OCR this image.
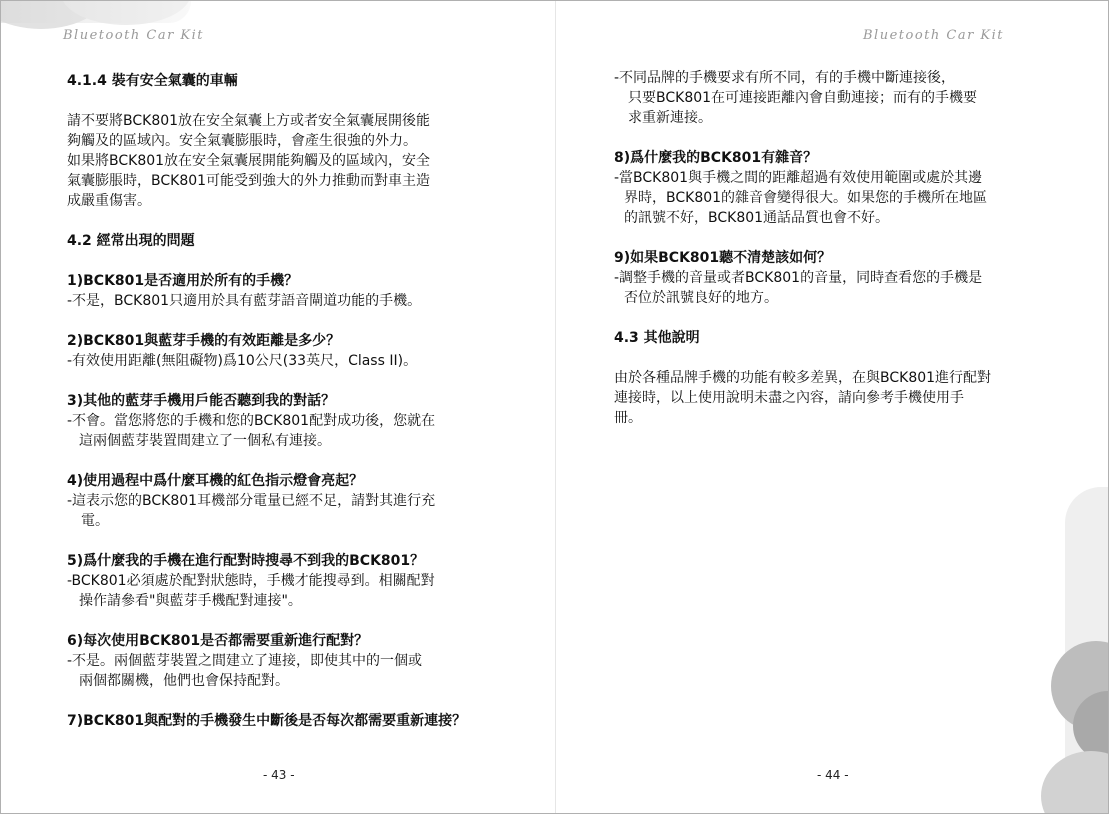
Bluetooth Car Kit	Bluetooth Car Kit
4.1.4 裝有安全氣囊的車輛
請不要將BCK801放在安全氣囊上方或者安全氣囊展開後能
夠觸及的區域內。安全氣囊膨脹時，會產生很強的外力。
如果將BCK801放在安全氣囊展開能夠觸及的區域內，安全
氣囊膨脹時，BCK801可能受到強大的外力推動而對車主造
成嚴重傷害。
4.2 經常出現的問題
1)BCK801是否適用於所有的手機？
-不是，BCK801只適用於具有藍芽語音閘道功能的手機。
2)BCK801與藍芽手機的有效距離是多少？
-有效使用距離(無阻礙物)爲10公尺(33英尺，Class II)。
3)其他的藍芽手機用戶能否聽到我的對話？
-不會。當您將您的手機和您的BCK801配對成功後，您就在
這兩個藍芽裝置間建立了一個私有連接。
4)使用過程中爲什麼耳機的紅色指示燈會亮起？
-這表示您的BCK801耳機部分電量已經不足，請對其進行充
電。
5)爲什麼我的手機在進行配對時搜尋不到我的BCK801？
-BCK801必須處於配對狀態時，手機才能搜尋到。相關配對
操作請參看"與藍芽手機配對連接"。
6)每次使用BCK801是否都需要重新進行配對？
-不是。兩個藍芽裝置之間建立了連接，即使其中的一個或
兩個都關機，他們也會保持配對。
7)BCK801與配對的手機發生中斷後是否每次都需要重新連接？
- 43 -
-不同品牌的手機要求有所不同，有的手機中斷連接後，
只要BCK801在可連接距離內會自動連接；而有的手機要
求重新連接。
8)爲什麼我的BCK801有雜音？
-當BCK801與手機之間的距離超過有效使用範圍或處於其邊
界時，BCK801的雜音會變得很大。如果您的手機所在地區
的訊號不好，BCK801通話品質也會不好。
9)如果BCK801聽不清楚該如何？
-調整手機的音量或者BCK801的音量，同時查看您的手機是
否位於訊號良好的地方。
4.3 其他說明
由於各種品牌手機的功能有較多差異，在與BCK801進行配對
連接時，以上使用說明未盡之內容，請向參考手機使用手
冊。
- 44 -
